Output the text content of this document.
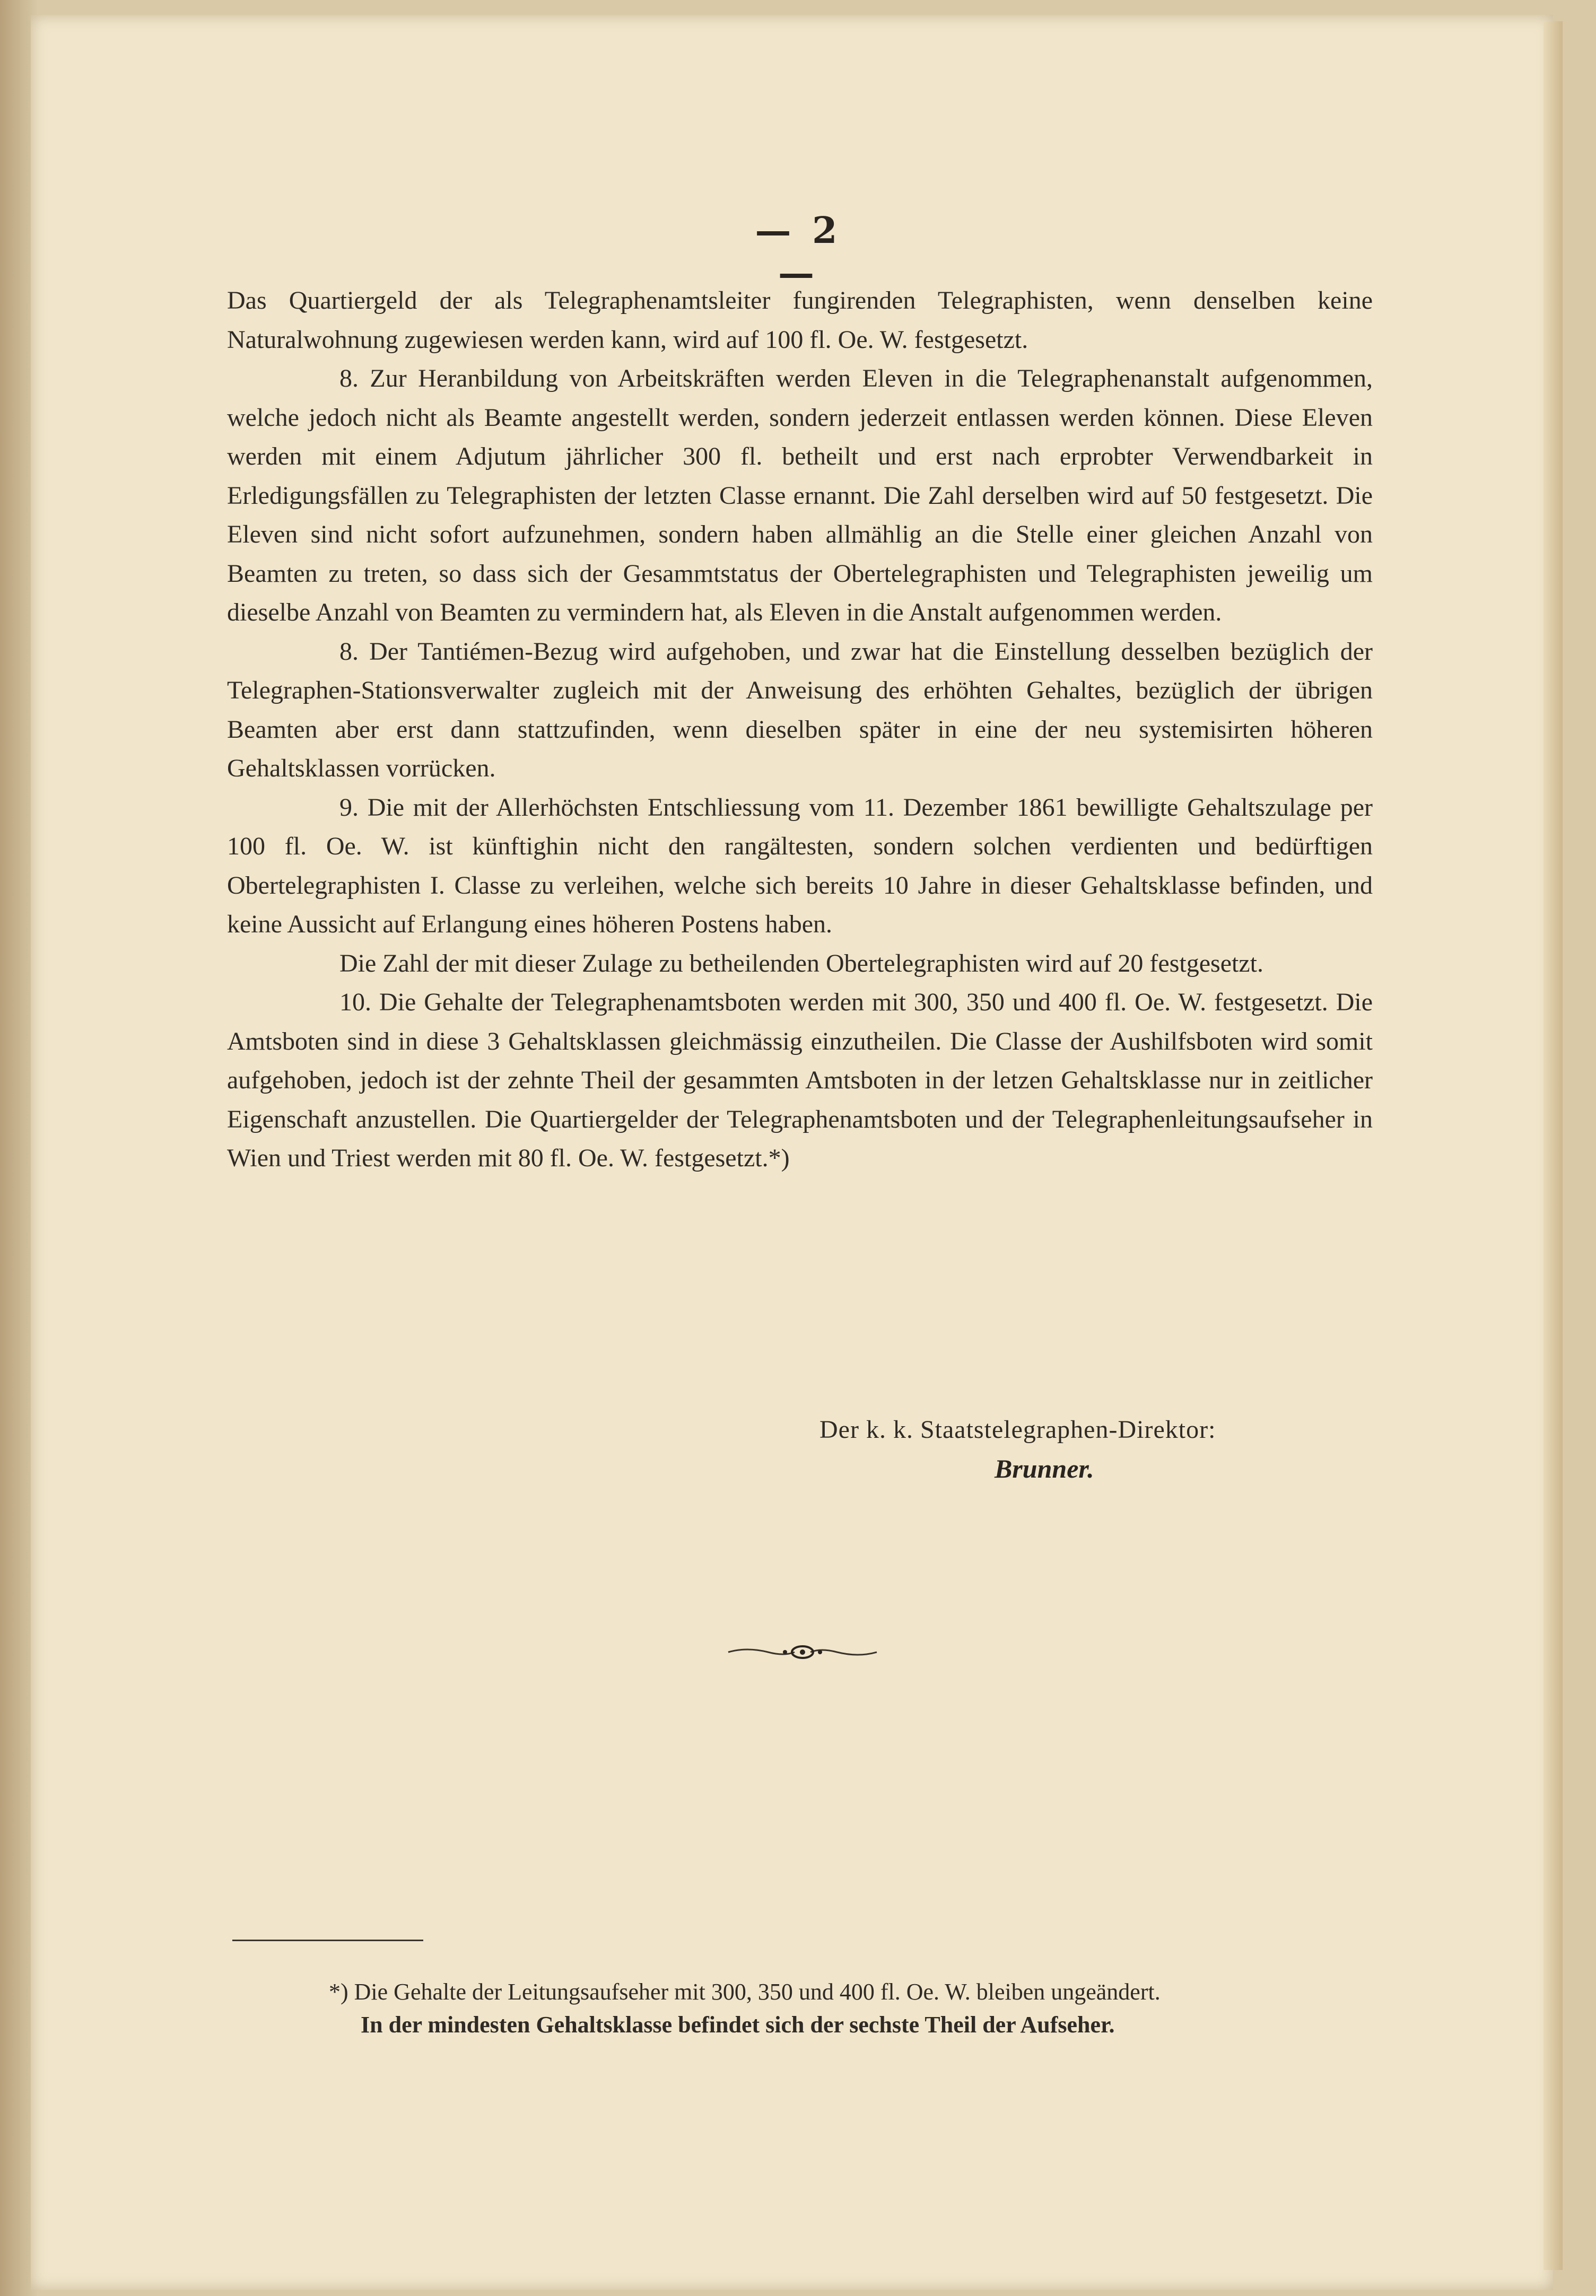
— 2 —

Das Quartiergeld der als Telegraphenamtsleiter fungirenden Telegraphisten, wenn denselben keine Naturalwohnung zugewiesen werden kann, wird auf 100 fl. Oe. W. festgesetzt.

8. Zur Heranbildung von Arbeitskräften werden Eleven in die Telegraphenanstalt aufgenommen, welche jedoch nicht als Beamte angestellt werden, sondern jederzeit entlassen werden können. Diese Eleven werden mit einem Adjutum jährlicher 300 fl. betheilt und erst nach erprobter Verwendbarkeit in Erledigungsfällen zu Telegraphisten der letzten Classe ernannt. Die Zahl derselben wird auf 50 festgesetzt. Die Eleven sind nicht sofort aufzunehmen, sondern haben allmählig an die Stelle einer gleichen Anzahl von Beamten zu treten, so dass sich der Gesammtstatus der Obertelegraphisten und Telegraphisten jeweilig um dieselbe Anzahl von Beamten zu vermindern hat, als Eleven in die Anstalt aufgenommen werden.

8. Der Tantiémen-Bezug wird aufgehoben, und zwar hat die Einstellung desselben bezüglich der Telegraphen-Stationsverwalter zugleich mit der Anweisung des erhöhten Gehaltes, bezüglich der übrigen Beamten aber erst dann stattzufinden, wenn dieselben später in eine der neu systemisirten höheren Gehaltsklassen vorrücken.

9. Die mit der Allerhöchsten Entschliessung vom 11. Dezember 1861 bewilligte Gehaltszulage per 100 fl. Oe. W. ist künftighin nicht den rangältesten, sondern solchen verdienten und bedürftigen Obertelegraphisten I. Classe zu verleihen, welche sich bereits 10 Jahre in dieser Gehaltsklasse befinden, und keine Aussicht auf Erlangung eines höheren Postens haben.

Die Zahl der mit dieser Zulage zu betheilenden Obertelegraphisten wird auf 20 festgesetzt.

10. Die Gehalte der Telegraphenamtsboten werden mit 300, 350 und 400 fl. Oe. W. festgesetzt. Die Amtsboten sind in diese 3 Gehaltsklassen gleichmässig einzutheilen. Die Classe der Aushilfsboten wird somit aufgehoben, jedoch ist der zehnte Theil der gesammten Amtsboten in der letzen Gehaltsklasse nur in zeitlicher Eigenschaft anzustellen. Die Quartiergelder der Telegraphenamtsboten und der Telegraphenleitungsaufseher in Wien und Triest werden mit 80 fl. Oe. W. festgesetzt.*)

Der k. k. Staatstelegraphen-Direktor:
Brunner.

*) Die Gehalte der Leitungsaufseher mit 300, 350 und 400 fl. Oe. W. bleiben ungeändert.

In der mindesten Gehaltsklasse befindet sich der sechste Theil der Aufseher.
